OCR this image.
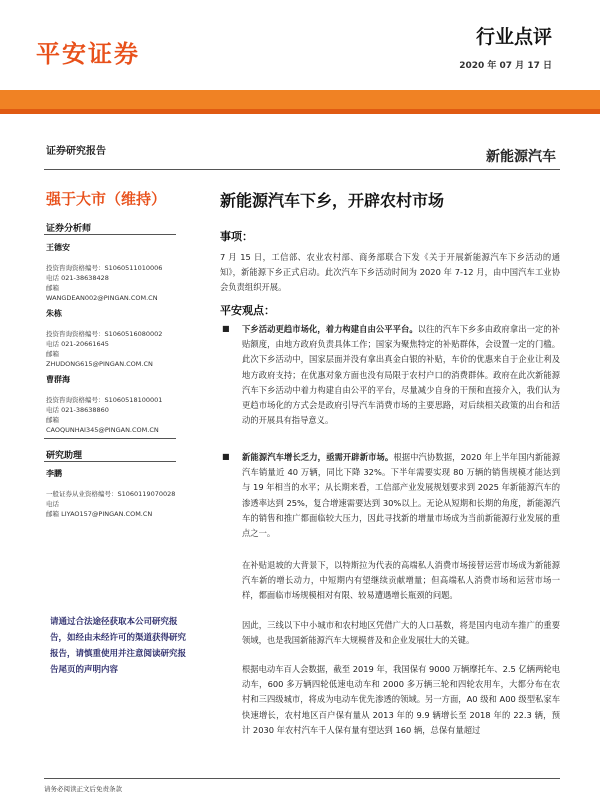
平安证券
行业点评
2020 年 07 月 17 日
证券研究报告	新能源汽车
强于大市（维持）	新能源汽车下乡，开辟农村市场
证券分析师
王德安
投资咨询资格编号：S1060511010006
电话 021-38638428
邮箱
WANGDEAN002@PINGAN.COM.CN
朱栋
投资咨询资格编号：S1060516080002
电话 021-20661645
邮箱
ZHUDONG615@PINGAN.COM.CN
曹群海
投资咨询资格编号：S1060518100001
电话 021-38638860
邮箱
CAOQUNHAI345@PINGAN.COM.CN
研究助理
李鹏
一般证券从业资格编号：S1060119070028
电话
邮箱 LIYAO157@PINGAN.COM.CN
请通过合法途径获取本公司研究报告，如经由未经许可的渠道获得研究报告，请慎重使用并注意阅读研究报告尾页的声明内容
事项：
7 月 15 日，工信部、农业农村部、商务部联合下发《关于开展新能源汽车下乡活动的通知》，新能源下乡正式启动。此次汽车下乡活动时间为 2020 年 7-12 月，由中国汽车工业协会负责组织开展。
平安观点：
■ 下乡活动更趋市场化，着力构建自由公平平台。以往的汽车下乡多由政府拿出一定的补贴额度，由地方政府负责具体工作；国家为聚焦特定的补贴群体，会设置一定的门槛。此次下乡活动中，国家层面并没有拿出真金白银的补贴，车价的优惠来自于企业让利及地方政府支持；在优惠对象方面也没有局限于农村户口的消费群体。政府在此次新能源汽车下乡活动中着力构建自由公平的平台，尽量减少自身的干预和直接介入，我们认为更趋市场化的方式会是政府引导汽车消费市场的主要思路，对后续相关政策的出台和活动的开展具有指导意义。
■ 新能源汽车增长乏力，亟需开辟新市场。根据中汽协数据，2020 年上半年国内新能源汽车销量近 40 万辆，同比下降 32%。下半年需要实现 80 万辆的销售规模才能达到与 19 年相当的水平；从长期来看，工信部产业发展规划要求到 2025 年新能源汽车的渗透率达到 25%，复合增速需要达到 30%以上。无论从短期和长期的角度，新能源汽车的销售和推广都面临较大压力，因此寻找新的增量市场成为当前新能源行业发展的重点之一。
在补贴退坡的大背景下，以特斯拉为代表的高端私人消费市场接替运营市场成为新能源汽车新的增长动力，中短期内有望继续贡献增量；但高端私人消费市场和运营市场一样，都面临市场规模相对有限、较易遭遇增长瓶颈的问题。
因此，三线以下中小城市和农村地区凭借广大的人口基数，将是国内电动车推广的重要领域，也是我国新能源汽车大规模普及和企业发展壮大的关键。
根据电动车百人会数据，截至 2019 年，我国保有 9000 万辆摩托车、2.5 亿辆两轮电动车，600 多万辆四轮低速电动车和 2000 多万辆三轮和四轮农用车，大都分布在农村和三四级城市，将成为电动车优先渗透的领域。另一方面，A0 级和 A00 级型私家车快速增长，农村地区百户保有量从 2013 年的 9.9 辆增长至 2018 年的 22.3 辆，预计 2030 年农村汽车千人保有量有望达到 160 辆，总保有量超过
请务必阅读正文后免责条款
